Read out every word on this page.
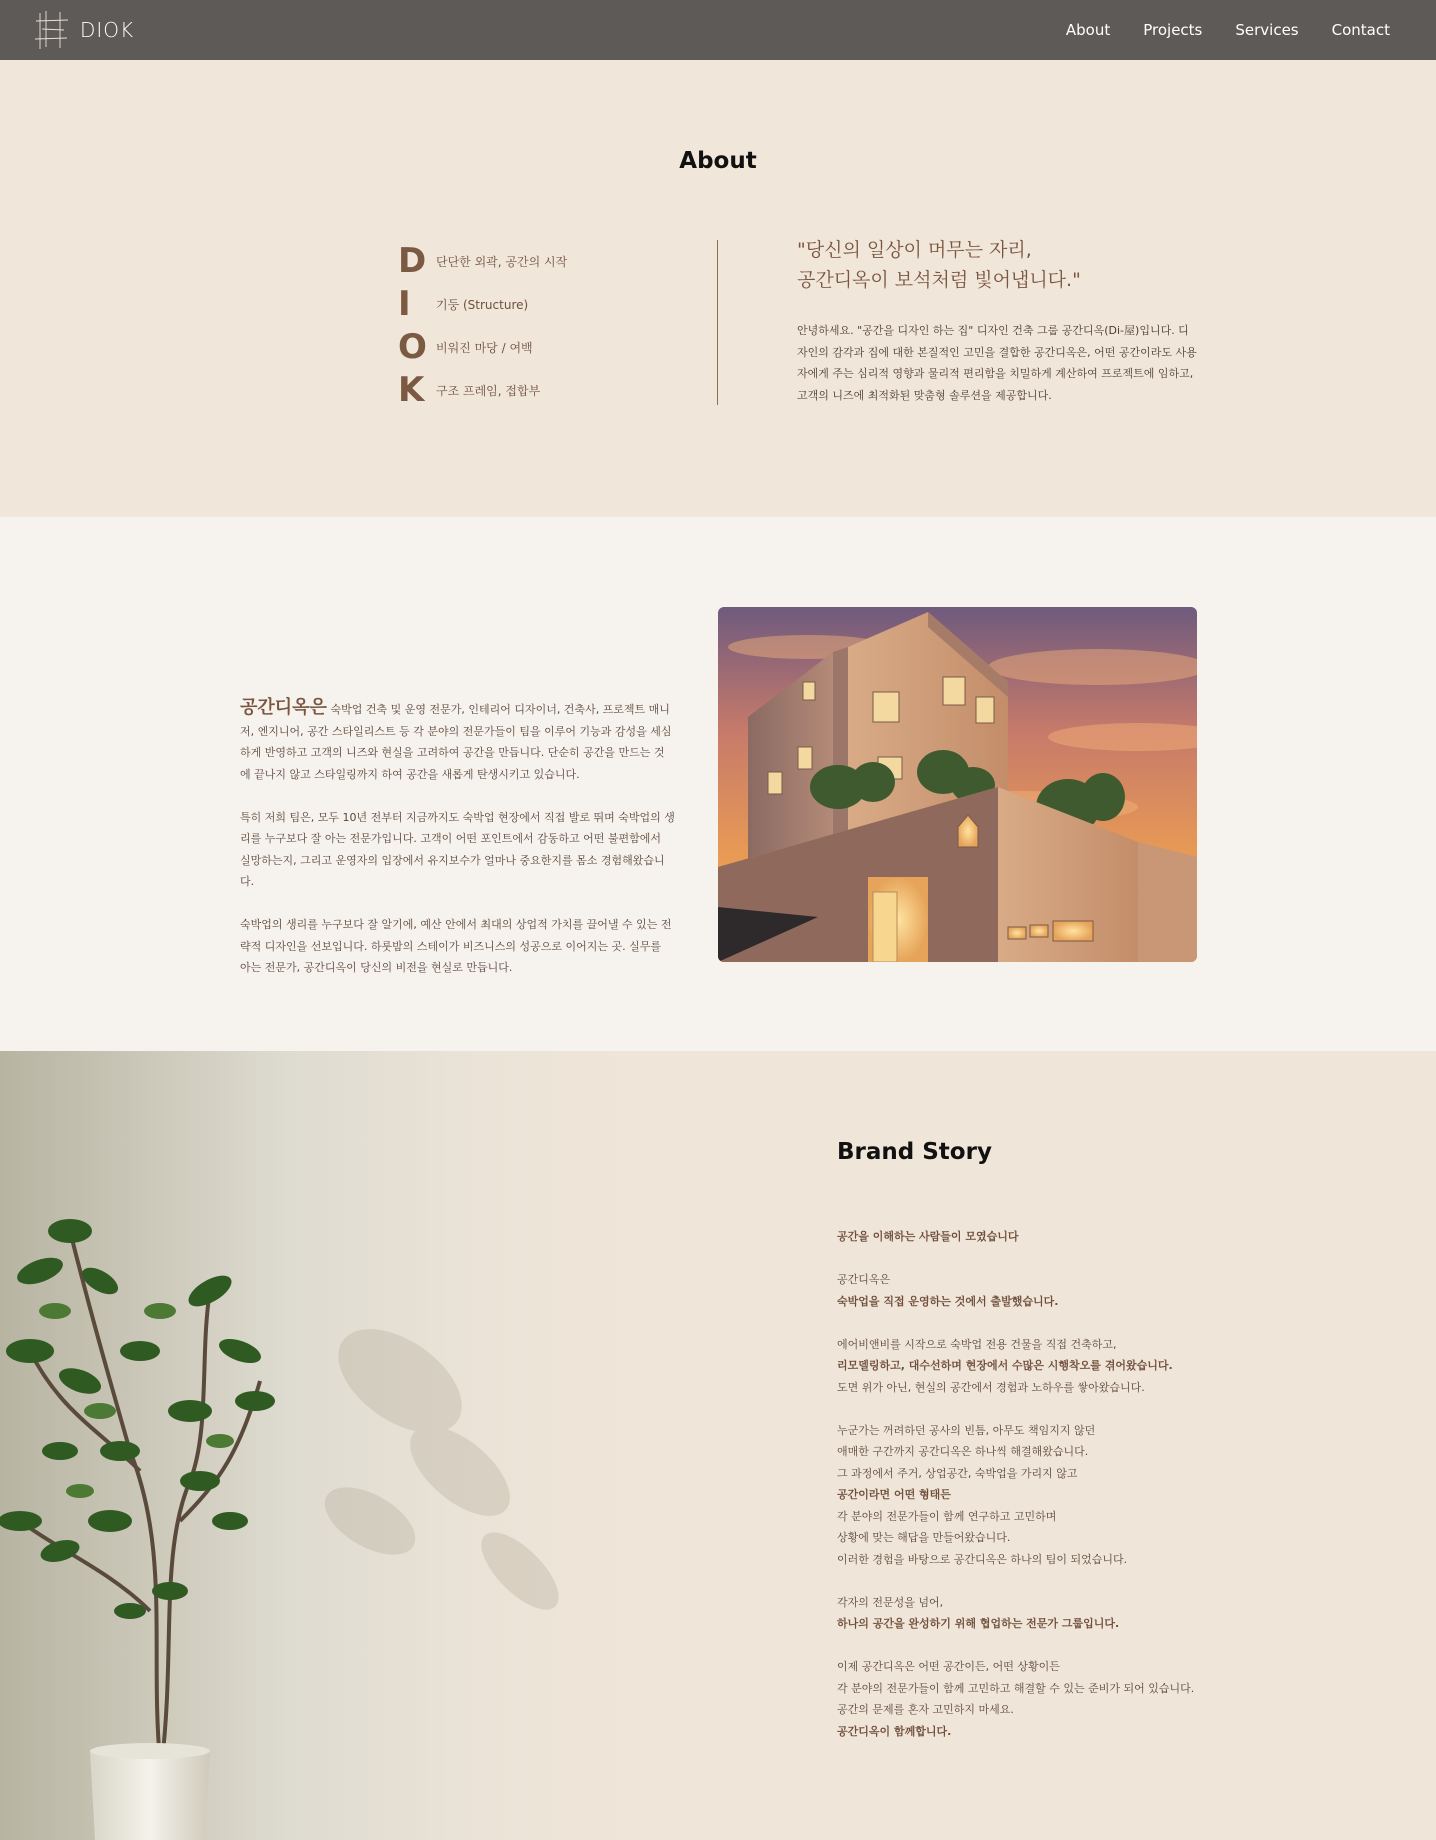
DIOK	About Projects Services Contact
About
D 단단한 외곽, 공간의 시작
I	기둥 (Structure)
O 비워진 마당 / 여백
K 구조 프레임, 접합부
"당신의 일상이 머무는 자리,
공간디옥이 보석처럼 빛어냅니다."

안녕하세요. "공간을 디자인 하는 집" 디자인 건축 그룹 공간디옥(Di-屋)입니다. 디자인의 감각과 집에 대한 본질적인 고민을 결합한 공간디옥은, 어떤 공간이라도 사용자에게 주는 심리적 영향과 물리적 편리함을 치밀하게 계산하여 프로젝트에 임하고, 고객의 니즈에 최적화된 맞춤형 솔루션을 제공합니다.

공간디옥은 숙박업 건축 및 운영 전문가, 인테리어 디자이너, 건축사, 프로젝트 매니저, 엔지니어, 공간 스타일리스트 등 각 분야의 전문가들이 팀을 이루어 기능과 감성을 세심하게 반영하고 고객의 니즈와 현실을 고려하여 공간을 만듭니다. 단순히 공간을 만드는 것에 끝나지 않고 스타일링까지 하여 공간을 새롭게 탄생시키고 있습니다.

특히 저희 팀은, 모두 10년 전부터 지금까지도 숙박업 현장에서 직접 발로 뛰며 숙박업의 생리를 누구보다 잘 아는 전문가입니다. 고객이 어떤 포인트에서 감동하고 어떤 불편함에서 실망하는지, 그리고 운영자의 입장에서 유지보수가 얼마나 중요한지를 몸소 경험해왔습니다.

숙박업의 생리를 누구보다 잘 알기에, 예산 안에서 최대의 상업적 가치를 끌어낼 수 있는 전략적 디자인을 선보입니다. 하룻밤의 스테이가 비즈니스의 성공으로 이어지는 곳. 실무를 아는 전문가, 공간디옥이 당신의 비전을 현실로 만듭니다.

Brand Story

공간을 이해하는 사람들이 모였습니다

공간디옥은
숙박업을 직접 운영하는 것에서 출발했습니다.

에어비앤비를 시작으로 숙박업 전용 건물을 직접 건축하고,
리모델링하고, 대수선하며 현장에서 수많은 시행착오를 겪어왔습니다.
도면 위가 아닌, 현실의 공간에서 경험과 노하우를 쌓아왔습니다.

누군가는 꺼려하던 공사의 빈틈, 아무도 책임지지 않던
애매한 구간까지 공간디옥은 하나씩 해결해왔습니다.
그 과정에서 주거, 상업공간, 숙박업을 가리지 않고
공간이라면 어떤 형태든
각 분야의 전문가들이 함께 연구하고 고민하며
상황에 맞는 해답을 만들어왔습니다.
이러한 경험을 바탕으로 공간디옥은 하나의 팀이 되었습니다.

각자의 전문성을 넘어,
하나의 공간을 완성하기 위해 협업하는 전문가 그룹입니다.

이제 공간디옥은 어떤 공간이든, 어떤 상황이든
각 분야의 전문가들이 함께 고민하고 해결할 수 있는 준비가 되어 있습니다.
공간의 문제를 혼자 고민하지 마세요.
공간디옥이 함께합니다.
